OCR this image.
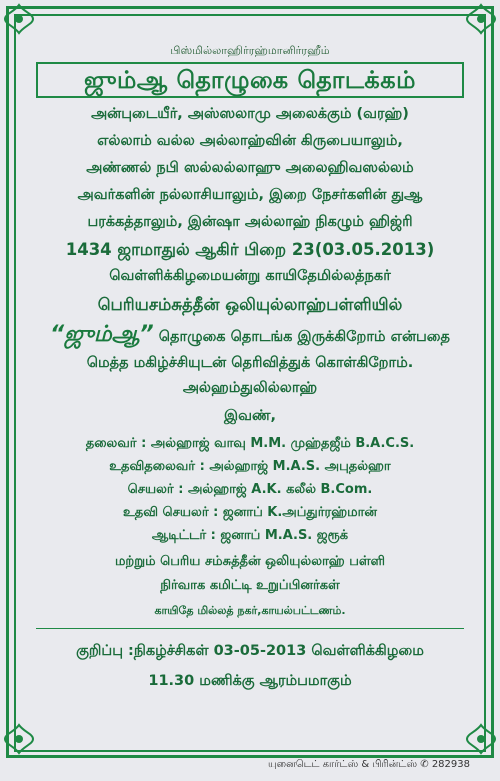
பிஸ்மில்லாஹிர்ரஹ்மானிர்ரஹீம்
ஜும்ஆ தொழுகை தொடக்கம்
அன்புடையீர், அஸ்ஸலாமு அலைக்கும் (வரஹ்)
எல்லாம் வல்ல அல்லாஹ்வின் கிருபையாலும்,
அண்ணல் நபி ஸல்லல்லாஹு அலைஹிவஸல்லம்
அவர்களின் நல்லாசியாலும், இறை நேசர்களின் துஆ
பரக்கத்தாலும், இன்ஷா அல்லாஹ் நிகழும் ஹிஜ்ரி
1434 ஜாமாதுல் ஆகிர் பிறை 23(03.05.2013)
வெள்ளிக்கிழமையன்று காயிதேமில்லத்நகர்
பெரியசம்சுத்தீன் ஒலியுல்லாஹ்பள்ளியில்
“ஜும்ஆ” தொழுகை தொடங்க இருக்கிறோம் என்பதை
மெத்த மகிழ்ச்சியுடன் தெரிவித்துக் கொள்கிறோம்.
அல்ஹம்துலில்லாஹ்
இவண்,
தலைவர் : அல்ஹாஜ் வாவு M.M. முஹ்தஜீம் B.A.C.S.
உதவிதலைவர் : அல்ஹாஜ் M.A.S. அபுதல்ஹா
செயலர் : அல்ஹாஜ் A.K. கலீல் B.Com.
உதவி செயலர் : ஜனாப் K.அப்துர்ரஹ்மான்
ஆடிட்டர் : ஜனாப் M.A.S. ஜரூக்
மற்றும் பெரிய சம்சுத்தீன் ஒலியுல்லாஹ் பள்ளி
நிர்வாக கமிட்டி உறுப்பினர்கள்
காயிதே மில்லத் நகர்,காயல்பட்டணம்.
குறிப்பு :நிகழ்ச்சிகள் 03-05-2013 வெள்ளிக்கிழமை
11.30 மணிக்கு ஆரம்பமாகும்
யுனைடெட் கார்ட்ஸ் & பிரின்ட்ஸ் ✆ 282938
